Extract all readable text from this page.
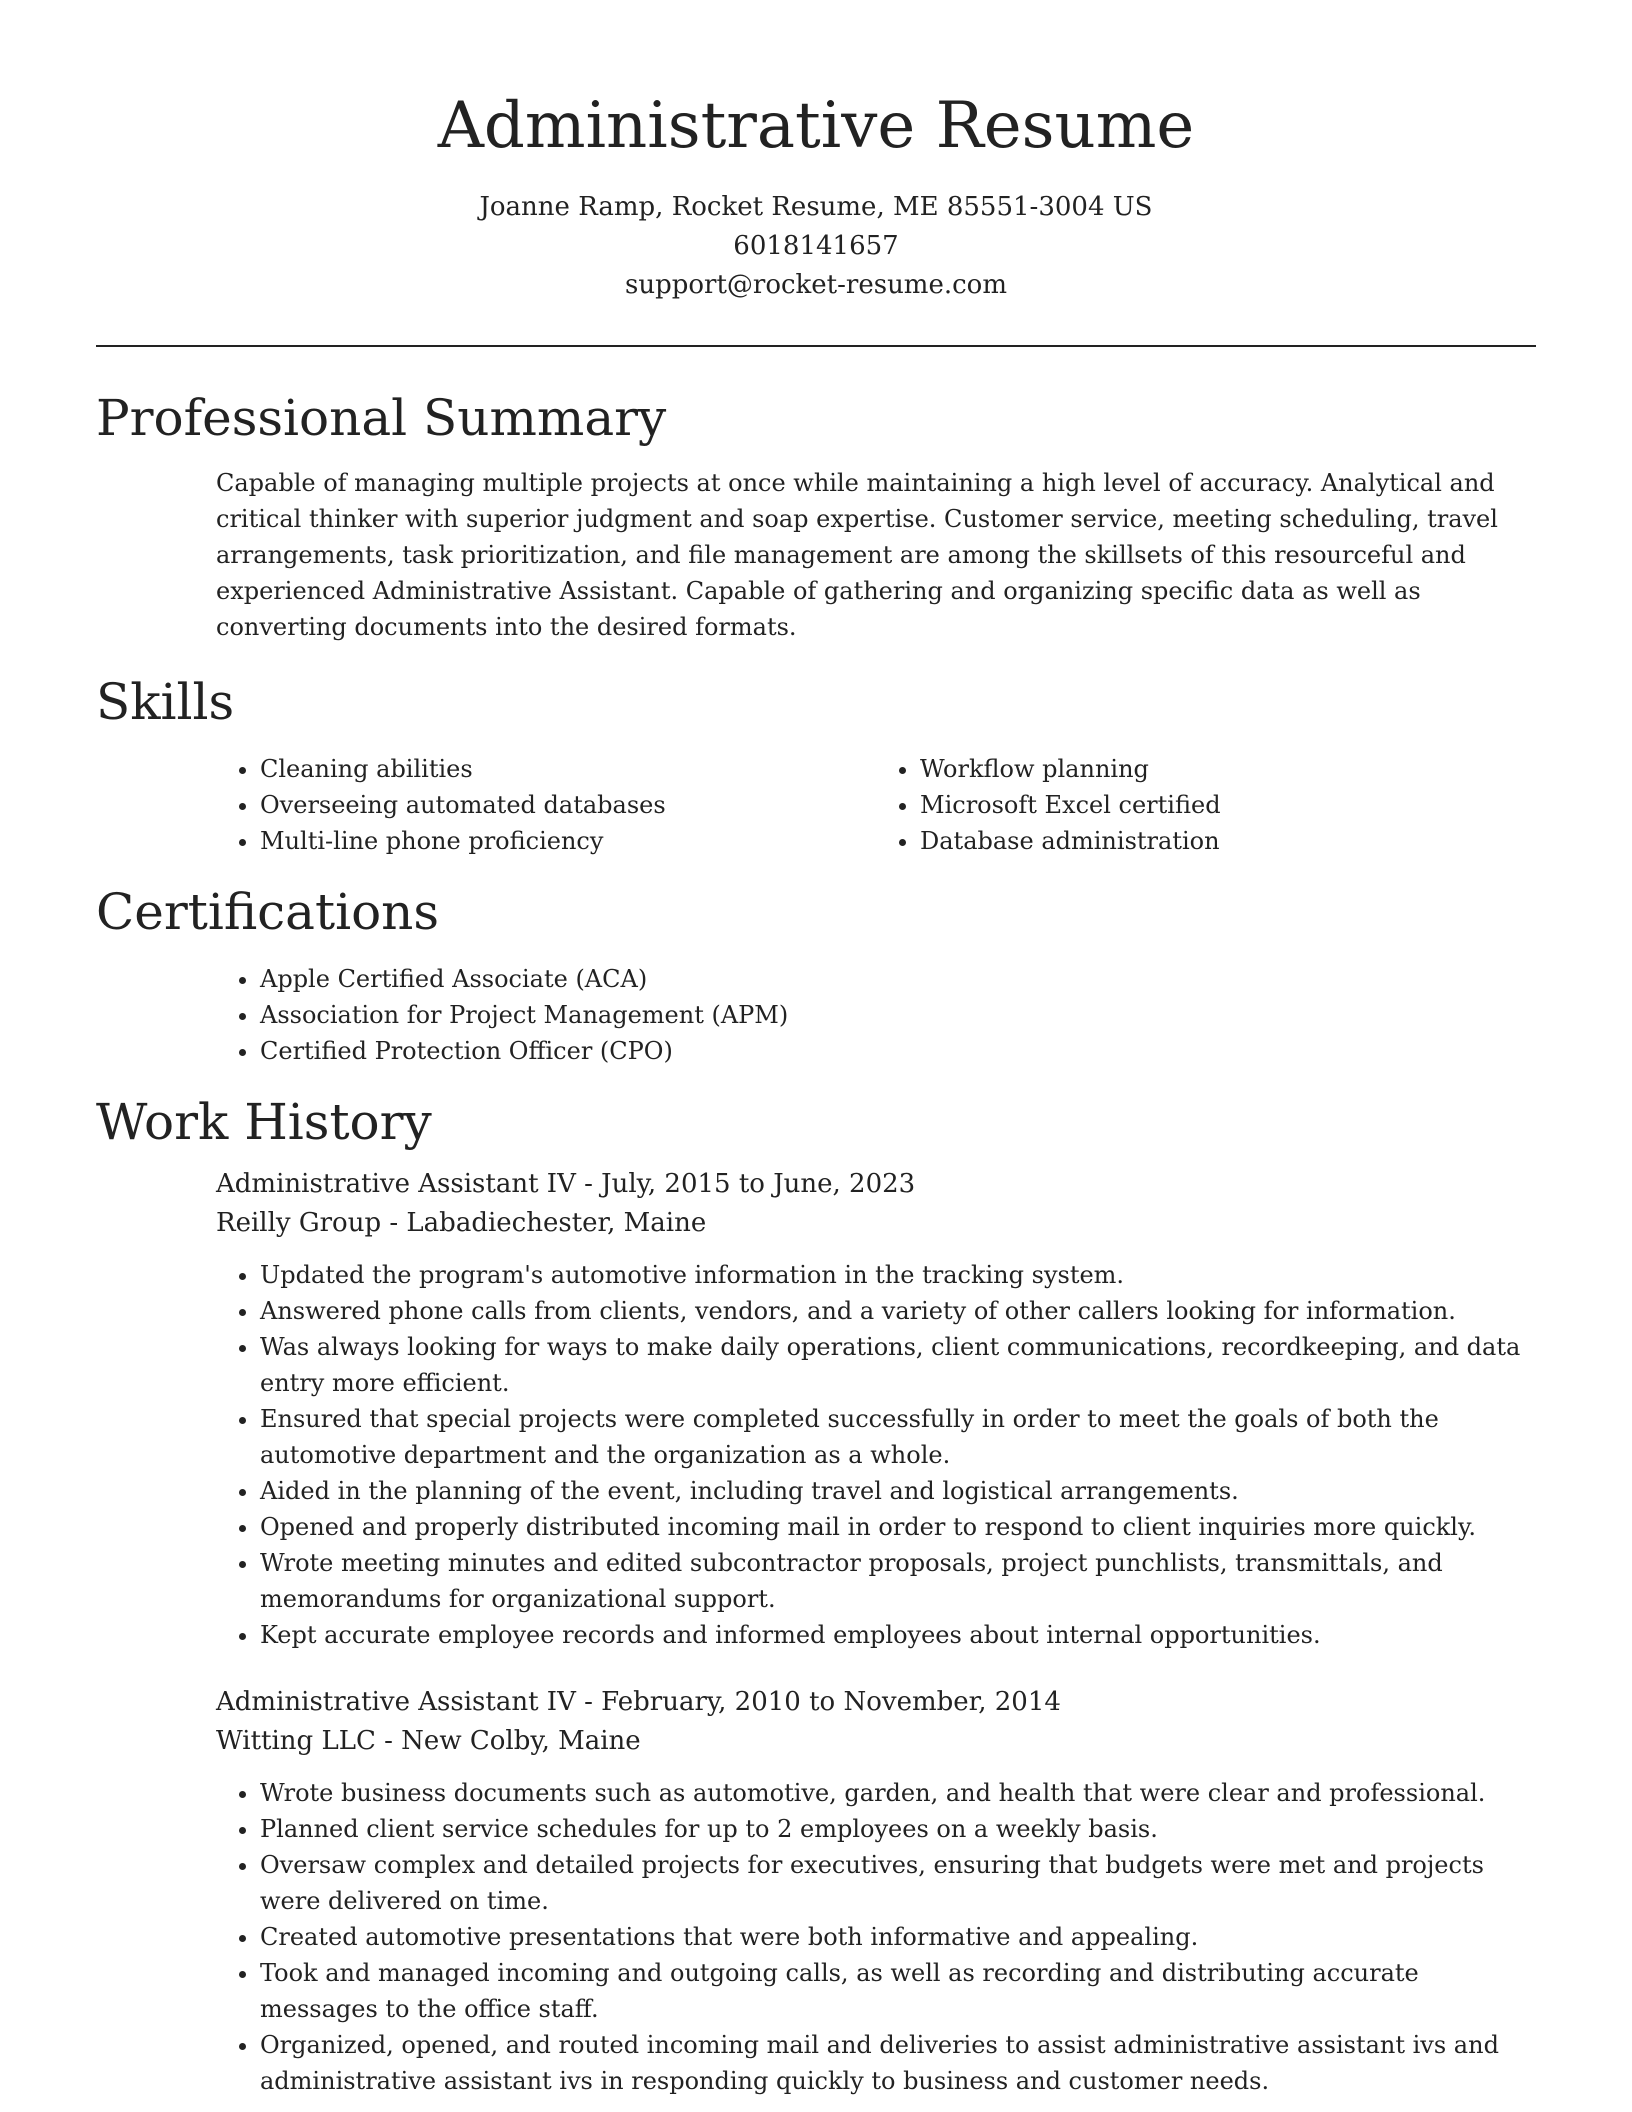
Administrative Resume
Joanne Ramp, Rocket Resume, ME 85551-3004 US
6018141657
support@rocket-resume.com
Professional Summary

Capable of managing multiple projects at once while maintaining a high level of accuracy. Analytical and critical thinker with superior judgment and soap expertise. Customer service, meeting scheduling, travel arrangements, task prioritization, and file management are among the skillsets of this resourceful and experienced Administrative Assistant. Capable of gathering and organizing specific data as well as converting documents into the desired formats.

Skills
• Cleaning abilities
• Overseeing automated databases
• Multi-line phone proficiency
• Workflow planning
• Microsoft Excel certified
• Database administration
Certifications
• Apple Certified Associate (ACA)
• Association for Project Management (APM)
• Certified Protection Officer (CPO)
Work History
Administrative Assistant IV - July, 2015 to June, 2023
Reilly Group - Labadiechester, Maine
• Updated the program's automotive information in the tracking system.
• Answered phone calls from clients, vendors, and a variety of other callers looking for information.
• Was always looking for ways to make daily operations, client communications, recordkeeping, and data entry more efficient.
• Ensured that special projects were completed successfully in order to meet the goals of both the automotive department and the organization as a whole.
• Aided in the planning of the event, including travel and logistical arrangements.
• Opened and properly distributed incoming mail in order to respond to client inquiries more quickly.
• Wrote meeting minutes and edited subcontractor proposals, project punchlists, transmittals, and memorandums for organizational support.
• Kept accurate employee records and informed employees about internal opportunities.
Administrative Assistant IV - February, 2010 to November, 2014
Witting LLC - New Colby, Maine
• Wrote business documents such as automotive, garden, and health that were clear and professional.
• Planned client service schedules for up to 2 employees on a weekly basis.
• Oversaw complex and detailed projects for executives, ensuring that budgets were met and projects were delivered on time.
• Created automotive presentations that were both informative and appealing.
• Took and managed incoming and outgoing calls, as well as recording and distributing accurate messages to the office staff.
• Organized, opened, and routed incoming mail and deliveries to assist administrative assistant ivs and administrative assistant ivs in responding quickly to business and customer needs.
